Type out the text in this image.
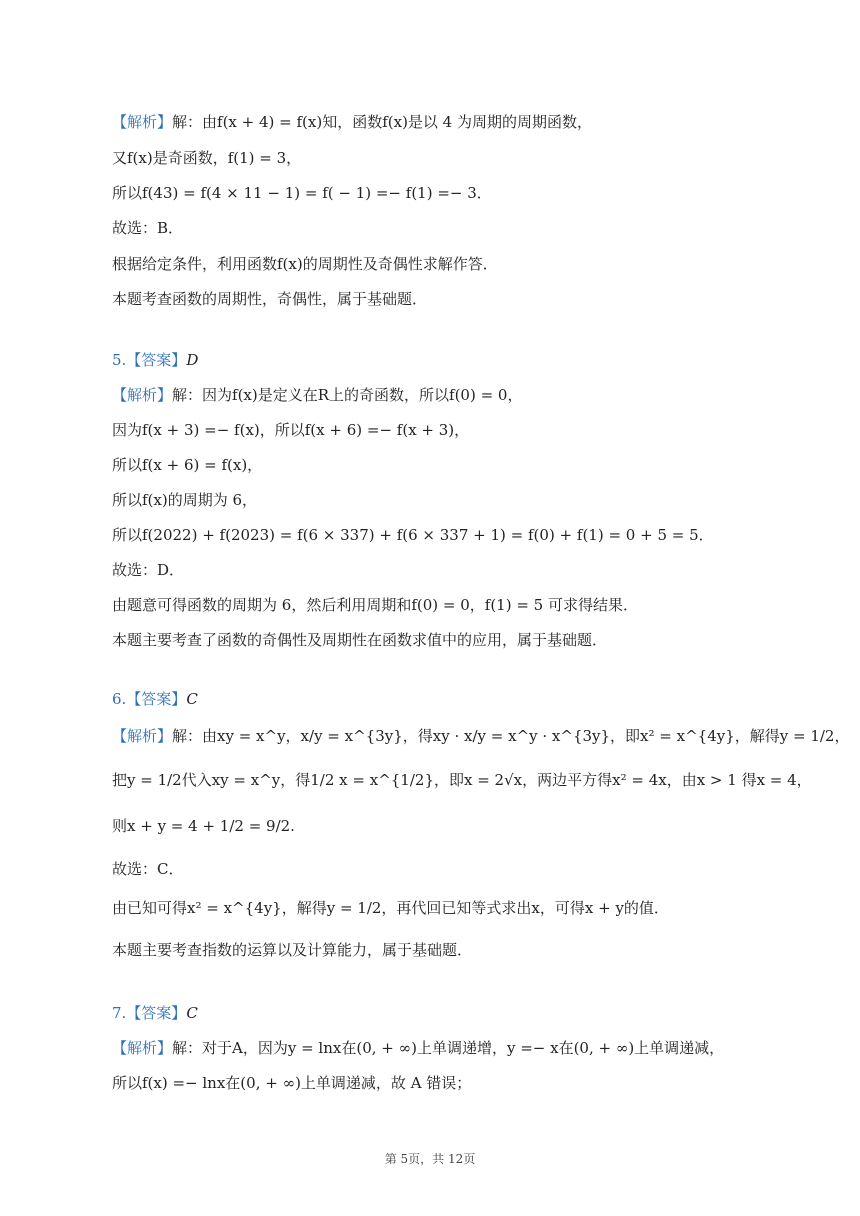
【解析】解：由f(x + 4) = f(x)知，函数f(x)是以 4 为周期的周期函数，
又f(x)是奇函数，f(1) = 3，
所以f(43) = f(4 × 11 − 1) = f( − 1) =− f(1) =− 3．
故选：B．
根据给定条件，利用函数f(x)的周期性及奇偶性求解作答．
本题考查函数的周期性，奇偶性，属于基础题．
5.【答案】D
【解析】解：因为f(x)是定义在R上的奇函数，所以f(0) = 0，
因为f(x + 3) =− f(x)，所以f(x + 6) =− f(x + 3)，
所以f(x + 6) = f(x)，
所以f(x)的周期为 6，
所以f(2022) + f(2023) = f(6 × 337) + f(6 × 337 + 1) = f(0) + f(1) = 0 + 5 = 5．
故选：D．
由题意可得函数的周期为 6，然后利用周期和f(0) = 0，f(1) = 5 可求得结果．
本题主要考查了函数的奇偶性及周期性在函数求值中的应用，属于基础题．
6.【答案】C
【解析】解：由xy = x^y，x/y = x^{3y}，得xy · x/y = x^y · x^{3y}，即x² = x^{4y}，解得y = 1/2，
把y = 1/2代入xy = x^y，得1/2 x = x^{1/2}，即x = 2√x，两边平方得x² = 4x，由x > 1 得x = 4，
则x + y = 4 + 1/2 = 9/2.
故选：C．
由已知可得x² = x^{4y}，解得y = 1/2，再代回已知等式求出x，可得x + y的值．
本题主要考查指数的运算以及计算能力，属于基础题．
7.【答案】C
【解析】解：对于A，因为y = lnx在(0, + ∞)上单调递增，y =− x在(0, + ∞)上单调递减，
所以f(x) =− lnx在(0, + ∞)上单调递减，故 A 错误；
第 5页，共 12页
